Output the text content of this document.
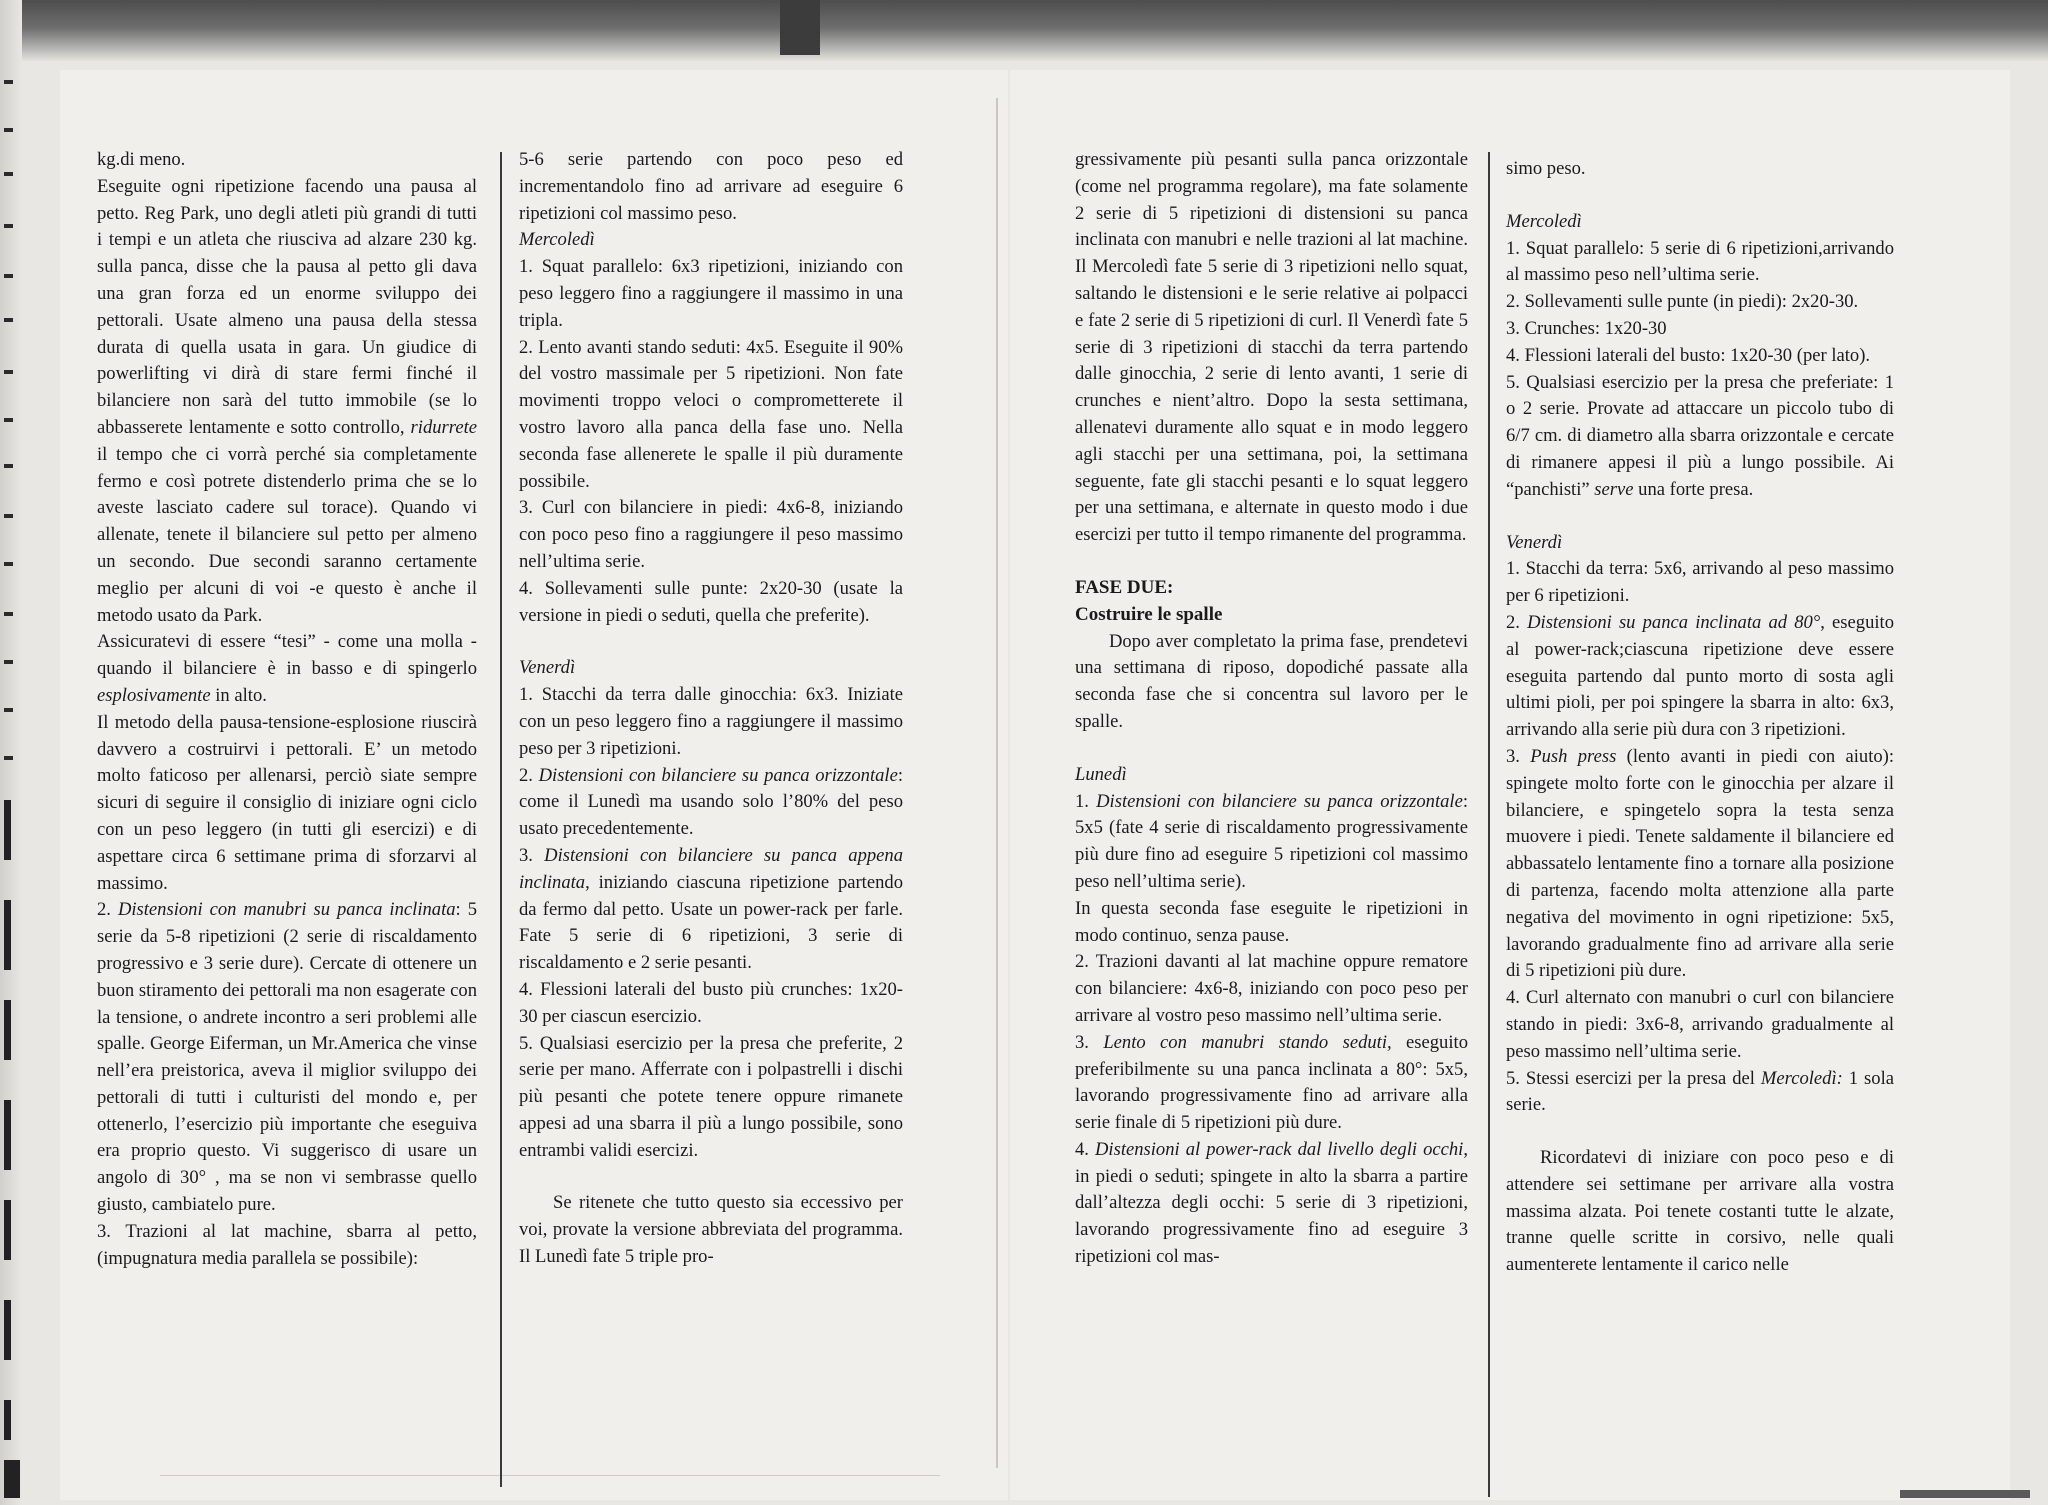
kg.di meno.

Eseguite ogni ripetizione facendo una pausa al petto. Reg Park, uno degli atleti più grandi di tutti i tempi e un atleta che riusciva ad alzare 230 kg. sulla panca, disse che la pausa al petto gli dava una gran forza ed un enorme sviluppo dei pettorali. Usate almeno una pausa della stessa durata di quella usata in gara. Un giudice di powerlifting vi dirà di stare fermi finché il bilanciere non sarà del tutto immobile (se lo abbasserete lentamente e sotto controllo, ridurrete il tempo che ci vorrà perché sia completamente fermo e così potrete distenderlo prima che se lo aveste lasciato cadere sul torace). Quando vi allenate, tenete il bilanciere sul petto per almeno un secondo. Due secondi saranno certamente meglio per alcuni di voi -e questo è anche il metodo usato da Park.

Assicuratevi di essere “tesi” - come una molla - quando il bilanciere è in basso e di spingerlo esplosivamente in alto.

Il metodo della pausa-tensione-esplosione riuscirà davvero a costruirvi i pettorali. E’ un metodo molto faticoso per allenarsi, perciò siate sempre sicuri di seguire il consiglio di iniziare ogni ciclo con un peso leggero (in tutti gli esercizi) e di aspettare circa 6 settimane prima di sforzarvi al massimo.

2. Distensioni con manubri su panca inclinata: 5 serie da 5-8 ripetizioni (2 serie di riscaldamento progressivo e 3 serie dure). Cercate di ottenere un buon stiramento dei pettorali ma non esagerate con la tensione, o andrete incontro a seri problemi alle spalle. George Eiferman, un Mr.America che vinse nell’era preistorica, aveva il miglior sviluppo dei pettorali di tutti i culturisti del mondo e, per ottenerlo, l’esercizio più importante che eseguiva era proprio questo. Vi suggerisco di usare un angolo di 30° , ma se non vi sembrasse quello giusto, cambiatelo pure.

3. Trazioni al lat machine, sbarra al petto, (impugnatura media parallela se possibile):

5-6 serie partendo con poco peso ed incrementandolo fino ad arrivare ad eseguire 6 ripetizioni col massimo peso.

Mercoledì

1. Squat parallelo: 6x3 ripetizioni, iniziando con peso leggero fino a raggiungere il massimo in una tripla.

2. Lento avanti stando seduti: 4x5. Eseguite il 90% del vostro massimale per 5 ripetizioni. Non fate movimenti troppo veloci o comprometterete il vostro lavoro alla panca della fase uno. Nella seconda fase allenerete le spalle il più duramente possibile.

3. Curl con bilanciere in piedi: 4x6-8, iniziando con poco peso fino a raggiungere il peso massimo nell’ultima serie.

4. Sollevamenti sulle punte: 2x20-30 (usate la versione in piedi o seduti, quella che preferite).

Venerdì

1. Stacchi da terra dalle ginocchia: 6x3. Iniziate con un peso leggero fino a raggiungere il massimo peso per 3 ripetizioni.

2. Distensioni con bilanciere su panca orizzontale: come il Lunedì ma usando solo l’80% del peso usato precedentemente.

3. Distensioni con bilanciere su panca appena inclinata, iniziando ciascuna ripetizione partendo da fermo dal petto. Usate un power-rack per farle. Fate 5 serie di 6 ripetizioni, 3 serie di riscaldamento e 2 serie pesanti.

4. Flessioni laterali del busto più crunches: 1x20-30 per ciascun esercizio.

5. Qualsiasi esercizio per la presa che preferite, 2 serie per mano. Afferrate con i polpastrelli i dischi più pesanti che potete tenere oppure rimanete appesi ad una sbarra il più a lungo possibile, sono entrambi validi esercizi.

Se ritenete che tutto questo sia eccessivo per voi, provate la versione abbreviata del programma. Il Lunedì fate 5 triple pro-

gressivamente più pesanti sulla panca orizzontale (come nel programma regolare), ma fate solamente 2 serie di 5 ripetizioni di distensioni su panca inclinata con manubri e nelle trazioni al lat machine. Il Mercoledì fate 5 serie di 3 ripetizioni nello squat, saltando le distensioni e le serie relative ai polpacci e fate 2 serie di 5 ripetizioni di curl. Il Venerdì fate 5 serie di 3 ripetizioni di stacchi da terra partendo dalle ginocchia, 2 serie di lento avanti, 1 serie di crunches e nient’altro. Dopo la sesta settimana, allenatevi duramente allo squat e in modo leggero agli stacchi per una settimana, poi, la settimana seguente, fate gli stacchi pesanti e lo squat leggero per una settimana, e alternate in questo modo i due esercizi per tutto il tempo rimanente del programma.

FASE DUE:

Costruire le spalle

Dopo aver completato la prima fase, prendetevi una settimana di riposo, dopodiché passate alla seconda fase che si concentra sul lavoro per le spalle.

Lunedì

1. Distensioni con bilanciere su panca orizzontale: 5x5 (fate 4 serie di riscaldamento progressivamente più dure fino ad eseguire 5 ripetizioni col massimo peso nell’ultima serie).

In questa seconda fase eseguite le ripetizioni in modo continuo, senza pause.

2. Trazioni davanti al lat machine oppure rematore con bilanciere: 4x6-8, iniziando con poco peso per arrivare al vostro peso massimo nell’ultima serie.

3. Lento con manubri stando seduti, eseguito preferibilmente su una panca inclinata a 80°: 5x5, lavorando progressivamente fino ad arrivare alla serie finale di 5 ripetizioni più dure.

4. Distensioni al power-rack dal livello degli occhi, in piedi o seduti; spingete in alto la sbarra a partire dall’altezza degli occhi: 5 serie di 3 ripetizioni, lavorando progressivamente fino ad eseguire 3 ripetizioni col mas-

simo peso.

Mercoledì

1. Squat parallelo: 5 serie di 6 ripetizioni,arrivando al massimo peso nell’ultima serie.

2. Sollevamenti sulle punte (in piedi): 2x20-30.

3. Crunches: 1x20-30

4. Flessioni laterali del busto: 1x20-30 (per lato).

5. Qualsiasi esercizio per la presa che preferiate: 1 o 2 serie. Provate ad attaccare un piccolo tubo di 6/7 cm. di diametro alla sbarra orizzontale e cercate di rimanere appesi il più a lungo possibile. Ai “panchisti” serve una forte presa.

Venerdì

1. Stacchi da terra: 5x6, arrivando al peso massimo per 6 ripetizioni.

2. Distensioni su panca inclinata ad 80°, eseguito al power-rack;ciascuna ripetizione deve essere eseguita partendo dal punto morto di sosta agli ultimi pioli, per poi spingere la sbarra in alto: 6x3, arrivando alla serie più dura con 3 ripetizioni.

3. Push press (lento avanti in piedi con aiuto): spingete molto forte con le ginocchia per alzare il bilanciere, e spingetelo sopra la testa senza muovere i piedi. Tenete saldamente il bilanciere ed abbassatelo lentamente fino a tornare alla posizione di partenza, facendo molta attenzione alla parte negativa del movimento in ogni ripetizione: 5x5, lavorando gradualmente fino ad arrivare alla serie di 5 ripetizioni più dure.

4. Curl alternato con manubri o curl con bilanciere stando in piedi: 3x6-8, arrivando gradualmente al peso massimo nell’ultima serie.

5. Stessi esercizi per la presa del Mercoledì: 1 sola serie.

Ricordatevi di iniziare con poco peso e di attendere sei settimane per arrivare alla vostra massima alzata. Poi tenete costanti tutte le alzate, tranne quelle scritte in corsivo, nelle quali aumenterete lentamente il carico nelle
